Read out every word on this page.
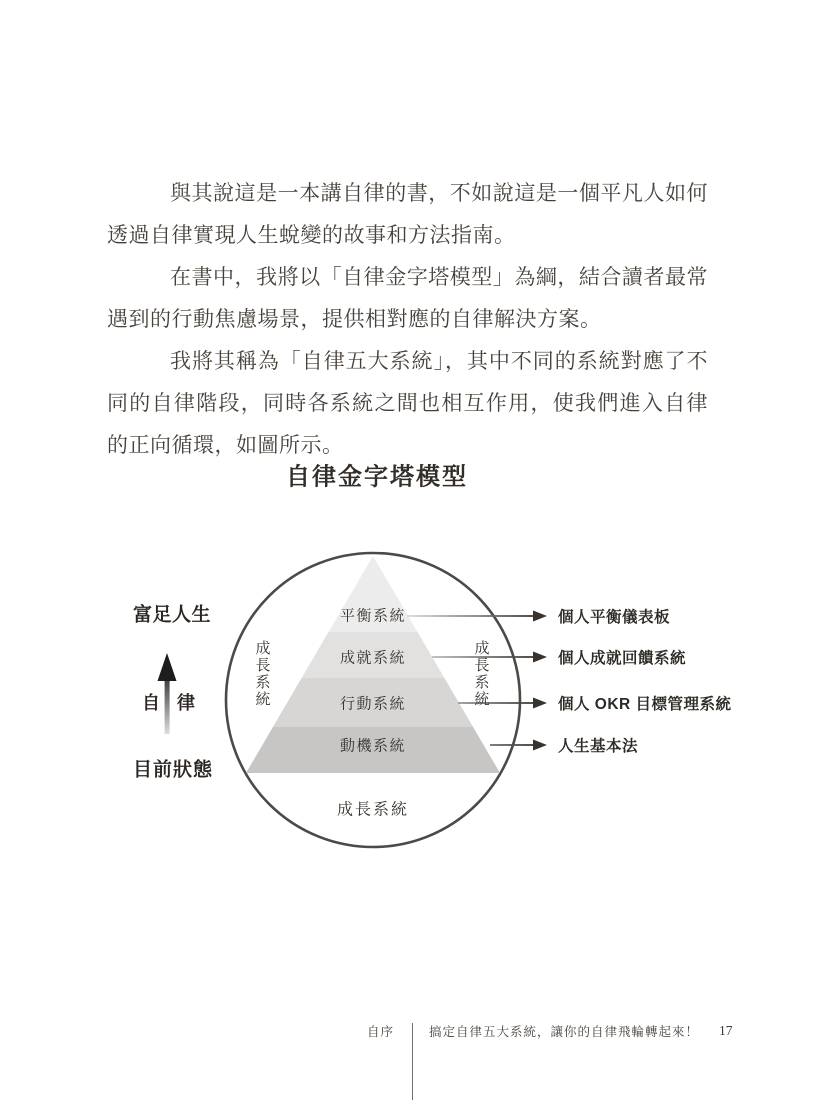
與其說這是一本講自律的書，不如說這是一個平凡人如何透過自律實現人生蛻變的故事和方法指南。

在書中，我將以「自律金字塔模型」為綱，結合讀者最常遇到的行動焦慮場景，提供相對應的自律解決方案。

我將其稱為「自律五大系統」，其中不同的系統對應了不同的自律階段，同時各系統之間也相互作用，使我們進入自律的正向循環，如圖所示。

自律金字塔模型
平衡系統
成就系統
行動系統
動機系統
成長系統
成長系統	成長系統
富足人生
自律
目前狀態
個人平衡儀表板
個人成就回饋系統
個人 OKR 目標管理系統
人生基本法
自序	搞定自律五大系統，讓你的自律飛輪轉起來！ 17
